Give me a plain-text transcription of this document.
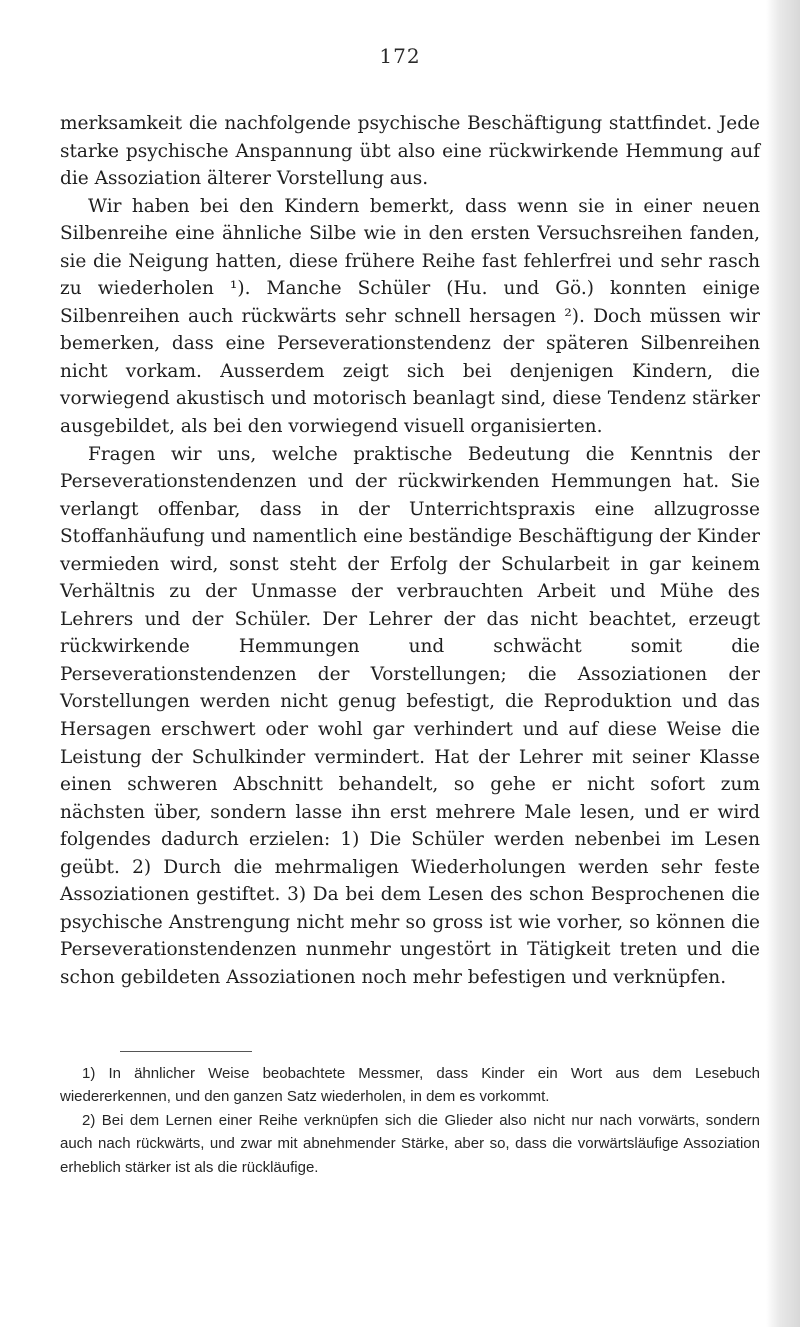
172

merksamkeit die nachfolgende psychische Beschäftigung stattfindet. Jede starke psychische Anspannung übt also eine rückwirkende Hemmung auf die Assoziation älterer Vorstellung aus.

Wir haben bei den Kindern bemerkt, dass wenn sie in einer neuen Silbenreihe eine ähnliche Silbe wie in den ersten Versuchsreihen fanden, sie die Neigung hatten, diese frühere Reihe fast fehlerfrei und sehr rasch zu wiederholen ¹). Manche Schüler (Hu. und Gö.) konnten einige Silbenreihen auch rückwärts sehr schnell hersagen ²). Doch müssen wir bemerken, dass eine Perseverationstendenz der späteren Silbenreihen nicht vorkam. Ausserdem zeigt sich bei denjenigen Kindern, die vorwiegend akustisch und motorisch beanlagt sind, diese Tendenz stärker ausgebildet, als bei den vorwiegend visuell organisierten.

Fragen wir uns, welche praktische Bedeutung die Kenntnis der Perseverationstendenzen und der rückwirkenden Hemmungen hat. Sie verlangt offenbar, dass in der Unterrichtspraxis eine allzugrosse Stoffanhäufung und namentlich eine beständige Beschäftigung der Kinder vermieden wird, sonst steht der Erfolg der Schularbeit in gar keinem Verhältnis zu der Unmasse der verbrauchten Arbeit und Mühe des Lehrers und der Schüler. Der Lehrer der das nicht beachtet, erzeugt rückwirkende Hemmungen und schwächt somit die Perseverationstendenzen der Vorstellungen; die Assoziationen der Vorstellungen werden nicht genug befestigt, die Reproduktion und das Hersagen erschwert oder wohl gar verhindert und auf diese Weise die Leistung der Schulkinder vermindert. Hat der Lehrer mit seiner Klasse einen schweren Abschnitt behandelt, so gehe er nicht sofort zum nächsten über, sondern lasse ihn erst mehrere Male lesen, und er wird folgendes dadurch erzielen: 1) Die Schüler werden nebenbei im Lesen geübt. 2) Durch die mehrmaligen Wiederholungen werden sehr feste Assoziationen gestiftet. 3) Da bei dem Lesen des schon Besprochenen die psychische Anstrengung nicht mehr so gross ist wie vorher, so können die Perseverationstendenzen nunmehr ungestört in Tätigkeit treten und die schon gebildeten Assoziationen noch mehr befestigen und verknüpfen.

1) In ähnlicher Weise beobachtete Messmer, dass Kinder ein Wort aus dem Lesebuch wiedererkennen, und den ganzen Satz wiederholen, in dem es vorkommt.

2) Bei dem Lernen einer Reihe verknüpfen sich die Glieder also nicht nur nach vorwärts, sondern auch nach rückwärts, und zwar mit abnehmender Stärke, aber so, dass die vorwärtsläufige Assoziation erheblich stärker ist als die rückläufige.
